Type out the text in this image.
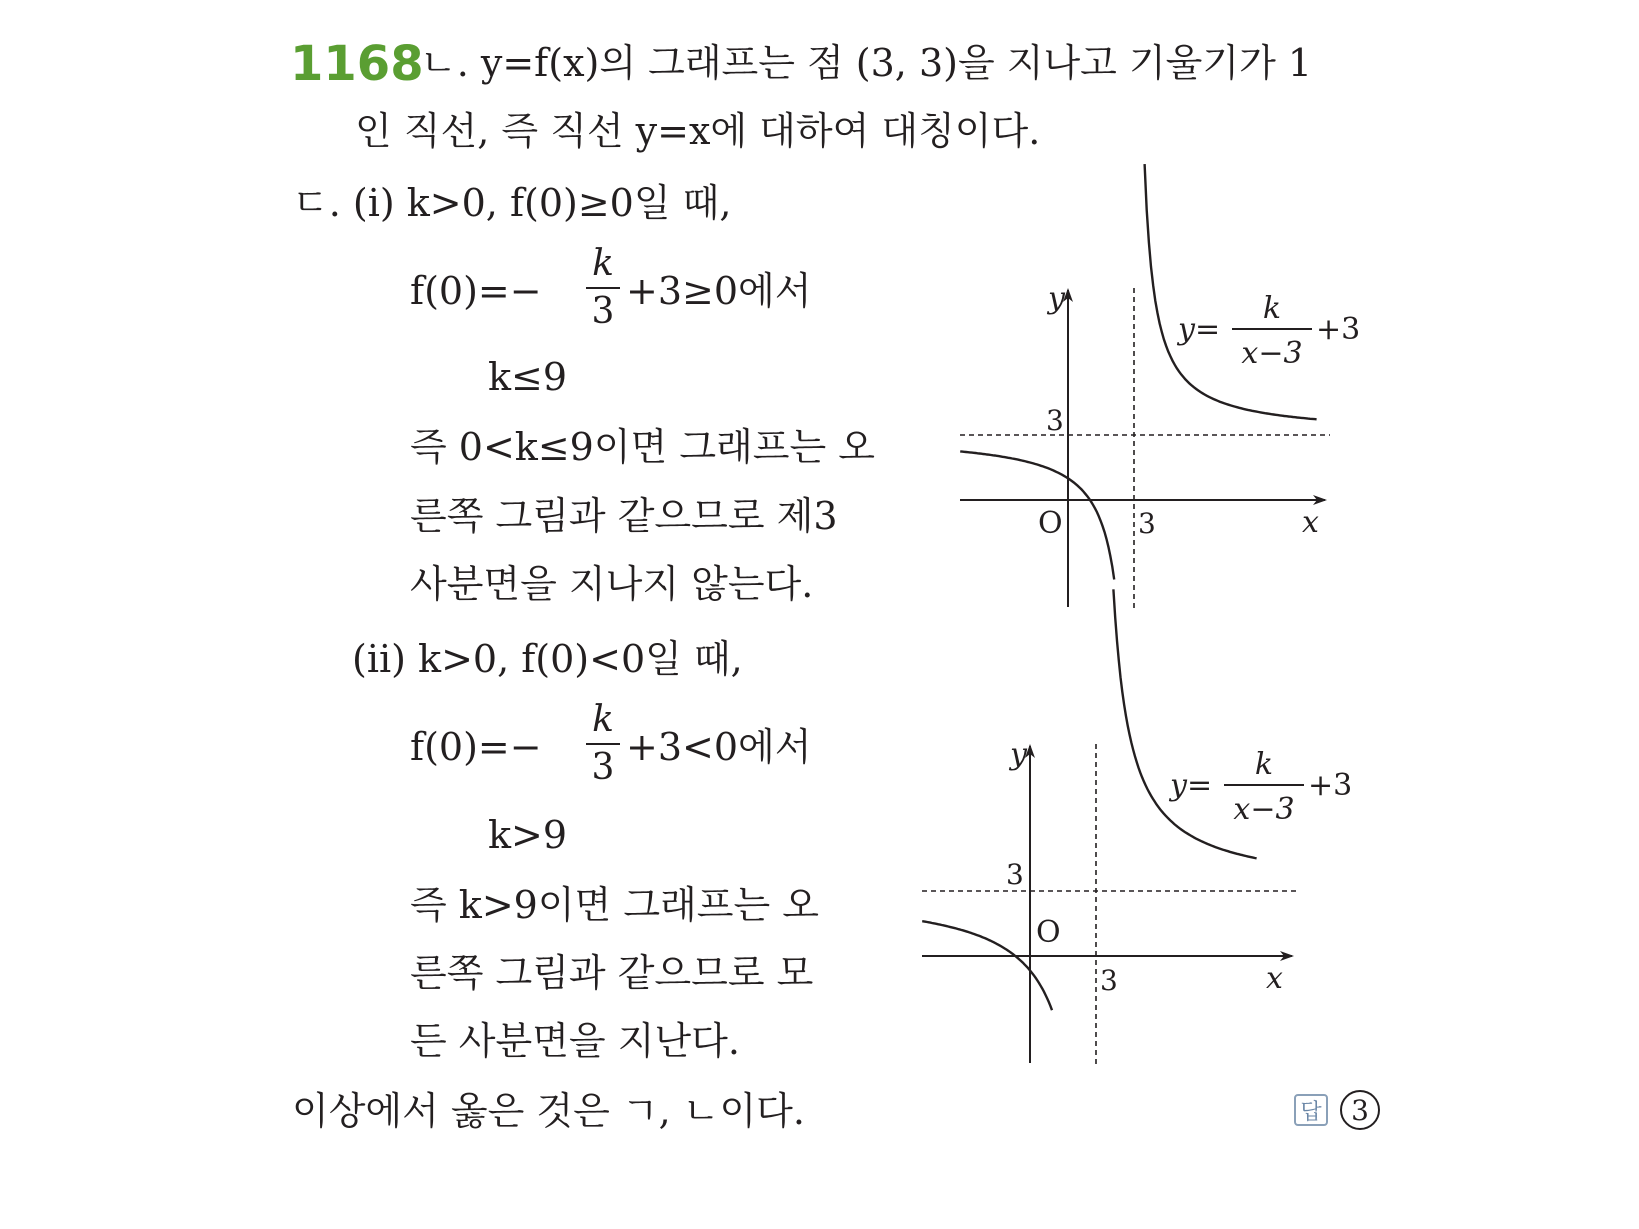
1168
ㄴ. y=f(x)의 그래프는 점 (3, 3)을 지나고 기울기가 1
인 직선, 즉 직선 y=x에 대하여 대칭이다.
ㄷ. (i) k>0, f(0)≥0일 때,
f(0)=−
k
3 +3≥0에서
k≤9
즉 0<k≤9이면 그래프는 오
른쪽 그림과 같으므로 제3
사분면을 지나지 않는다.
(ii) k>0, f(0)<0일 때,
f(0)=−
k
3 +3<0에서
k>9
즉 k>9이면 그래프는 오
른쪽 그림과 같으므로 모
든 사분면을 지난다.
이상에서 옳은 것은 ㄱ, ㄴ이다.	답	3
y
x
O
3
3
y=
k
x−3
+3
y
x
O
3
3
y=
k
x−3
+3
